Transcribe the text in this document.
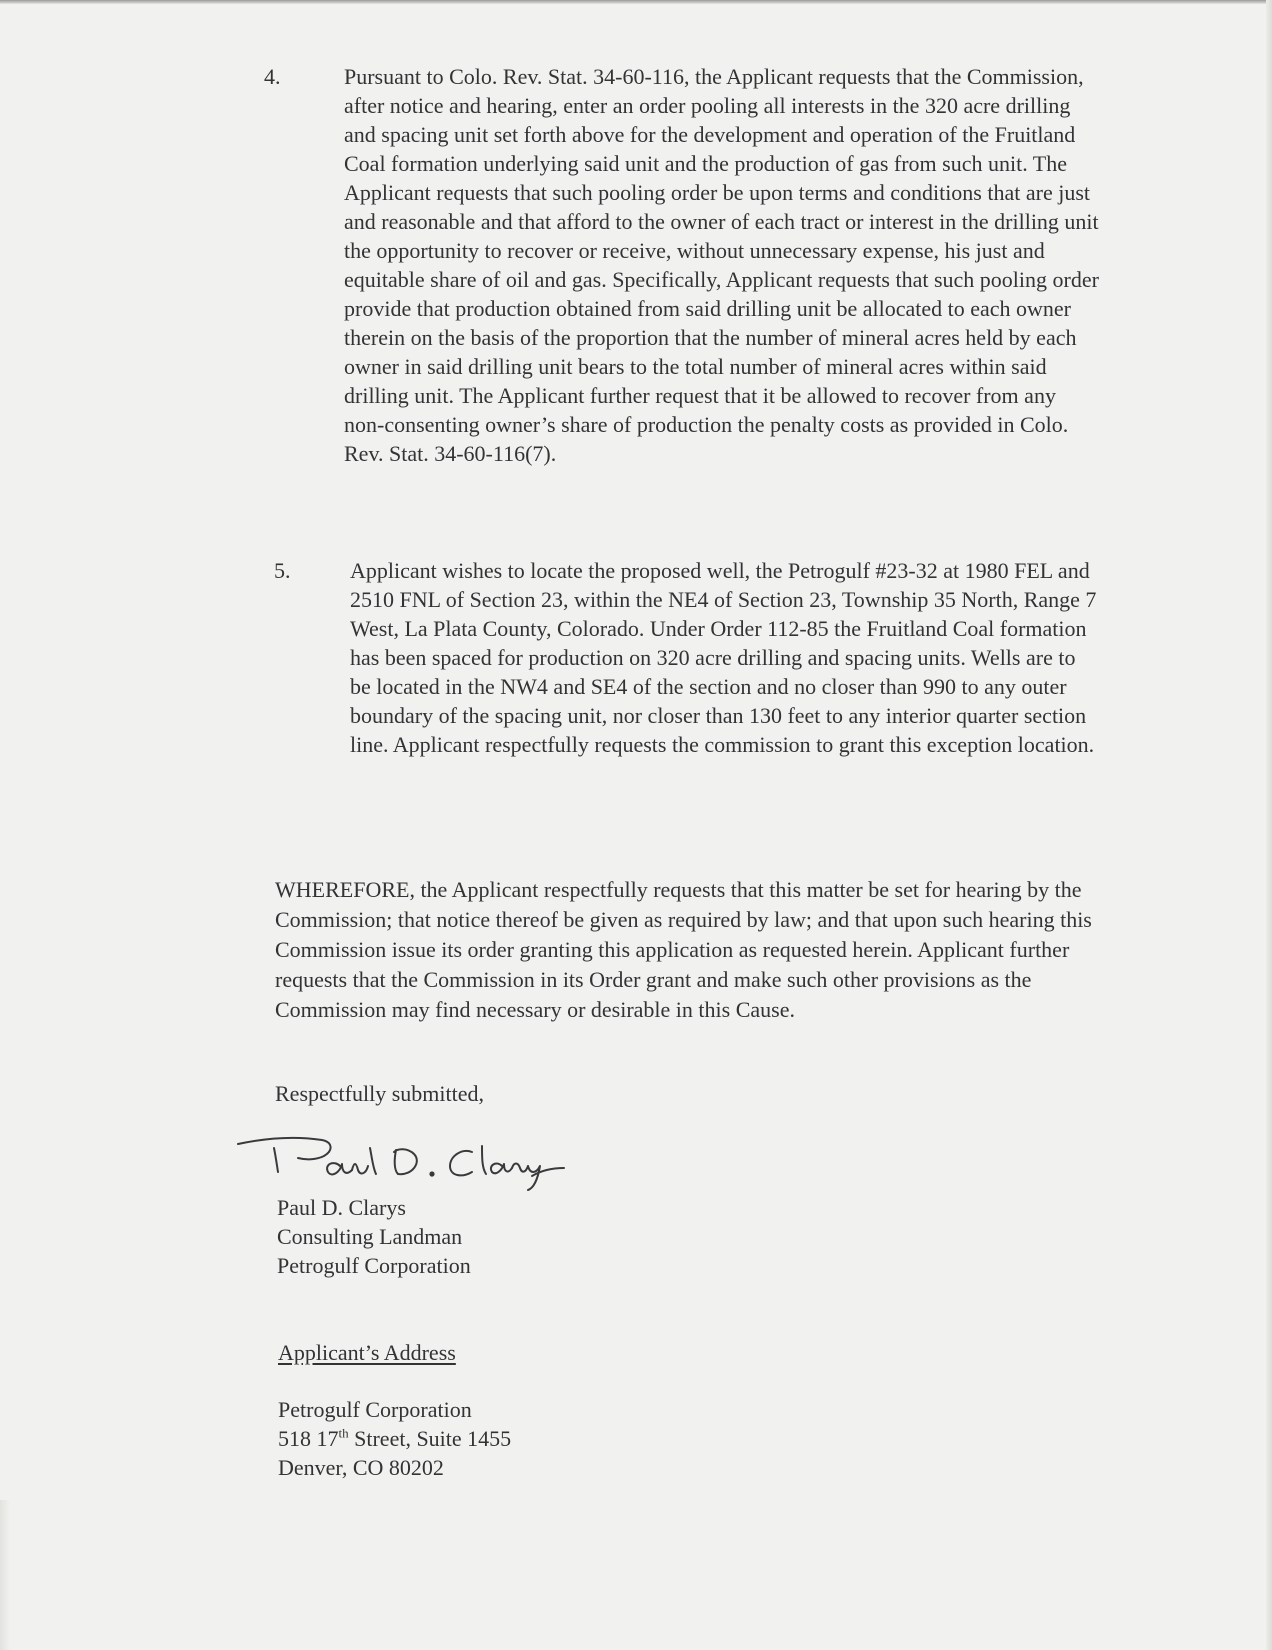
4.	Pursuant to Colo. Rev. Stat. 34-60-116, the Applicant requests that the Commission, after notice and hearing, enter an order pooling all interests in the 320 acre drilling and spacing unit set forth above for the development and operation of the Fruitland Coal formation underlying said unit and the production of gas from such unit. The Applicant requests that such pooling order be upon terms and conditions that are just and reasonable and that afford to the owner of each tract or interest in the drilling unit the opportunity to recover or receive, without unnecessary expense, his just and equitable share of oil and gas. Specifically, Applicant requests that such pooling order provide that production obtained from said drilling unit be allocated to each owner therein on the basis of the proportion that the number of mineral acres held by each owner in said drilling unit bears to the total number of mineral acres within said drilling unit. The Applicant further request that it be allowed to recover from any non-consenting owner’s share of production the penalty costs as provided in Colo. Rev. Stat. 34-60-116(7).

5.	Applicant wishes to locate the proposed well, the Petrogulf #23-32 at 1980 FEL and 2510 FNL of Section 23, within the NE4 of Section 23, Township 35 North, Range 7 West, La Plata County, Colorado. Under Order 112-85 the Fruitland Coal formation has been spaced for production on 320 acre drilling and spacing units. Wells are to be located in the NW4 and SE4 of the section and no closer than 990 to any outer boundary of the spacing unit, nor closer than 130 feet to any interior quarter section line. Applicant respectfully requests the commission to grant this exception location.

WHEREFORE, the Applicant respectfully requests that this matter be set for hearing by the Commission; that notice thereof be given as required by law; and that upon such hearing this Commission issue its order granting this application as requested herein. Applicant further requests that the Commission in its Order grant and make such other provisions as the Commission may find necessary or desirable in this Cause.

Respectfully submitted,

Paul D. Clarys
Consulting Landman
Petrogulf Corporation
Applicant’s Address
Petrogulf Corporation
518 17th Street, Suite 1455
Denver, CO 80202
